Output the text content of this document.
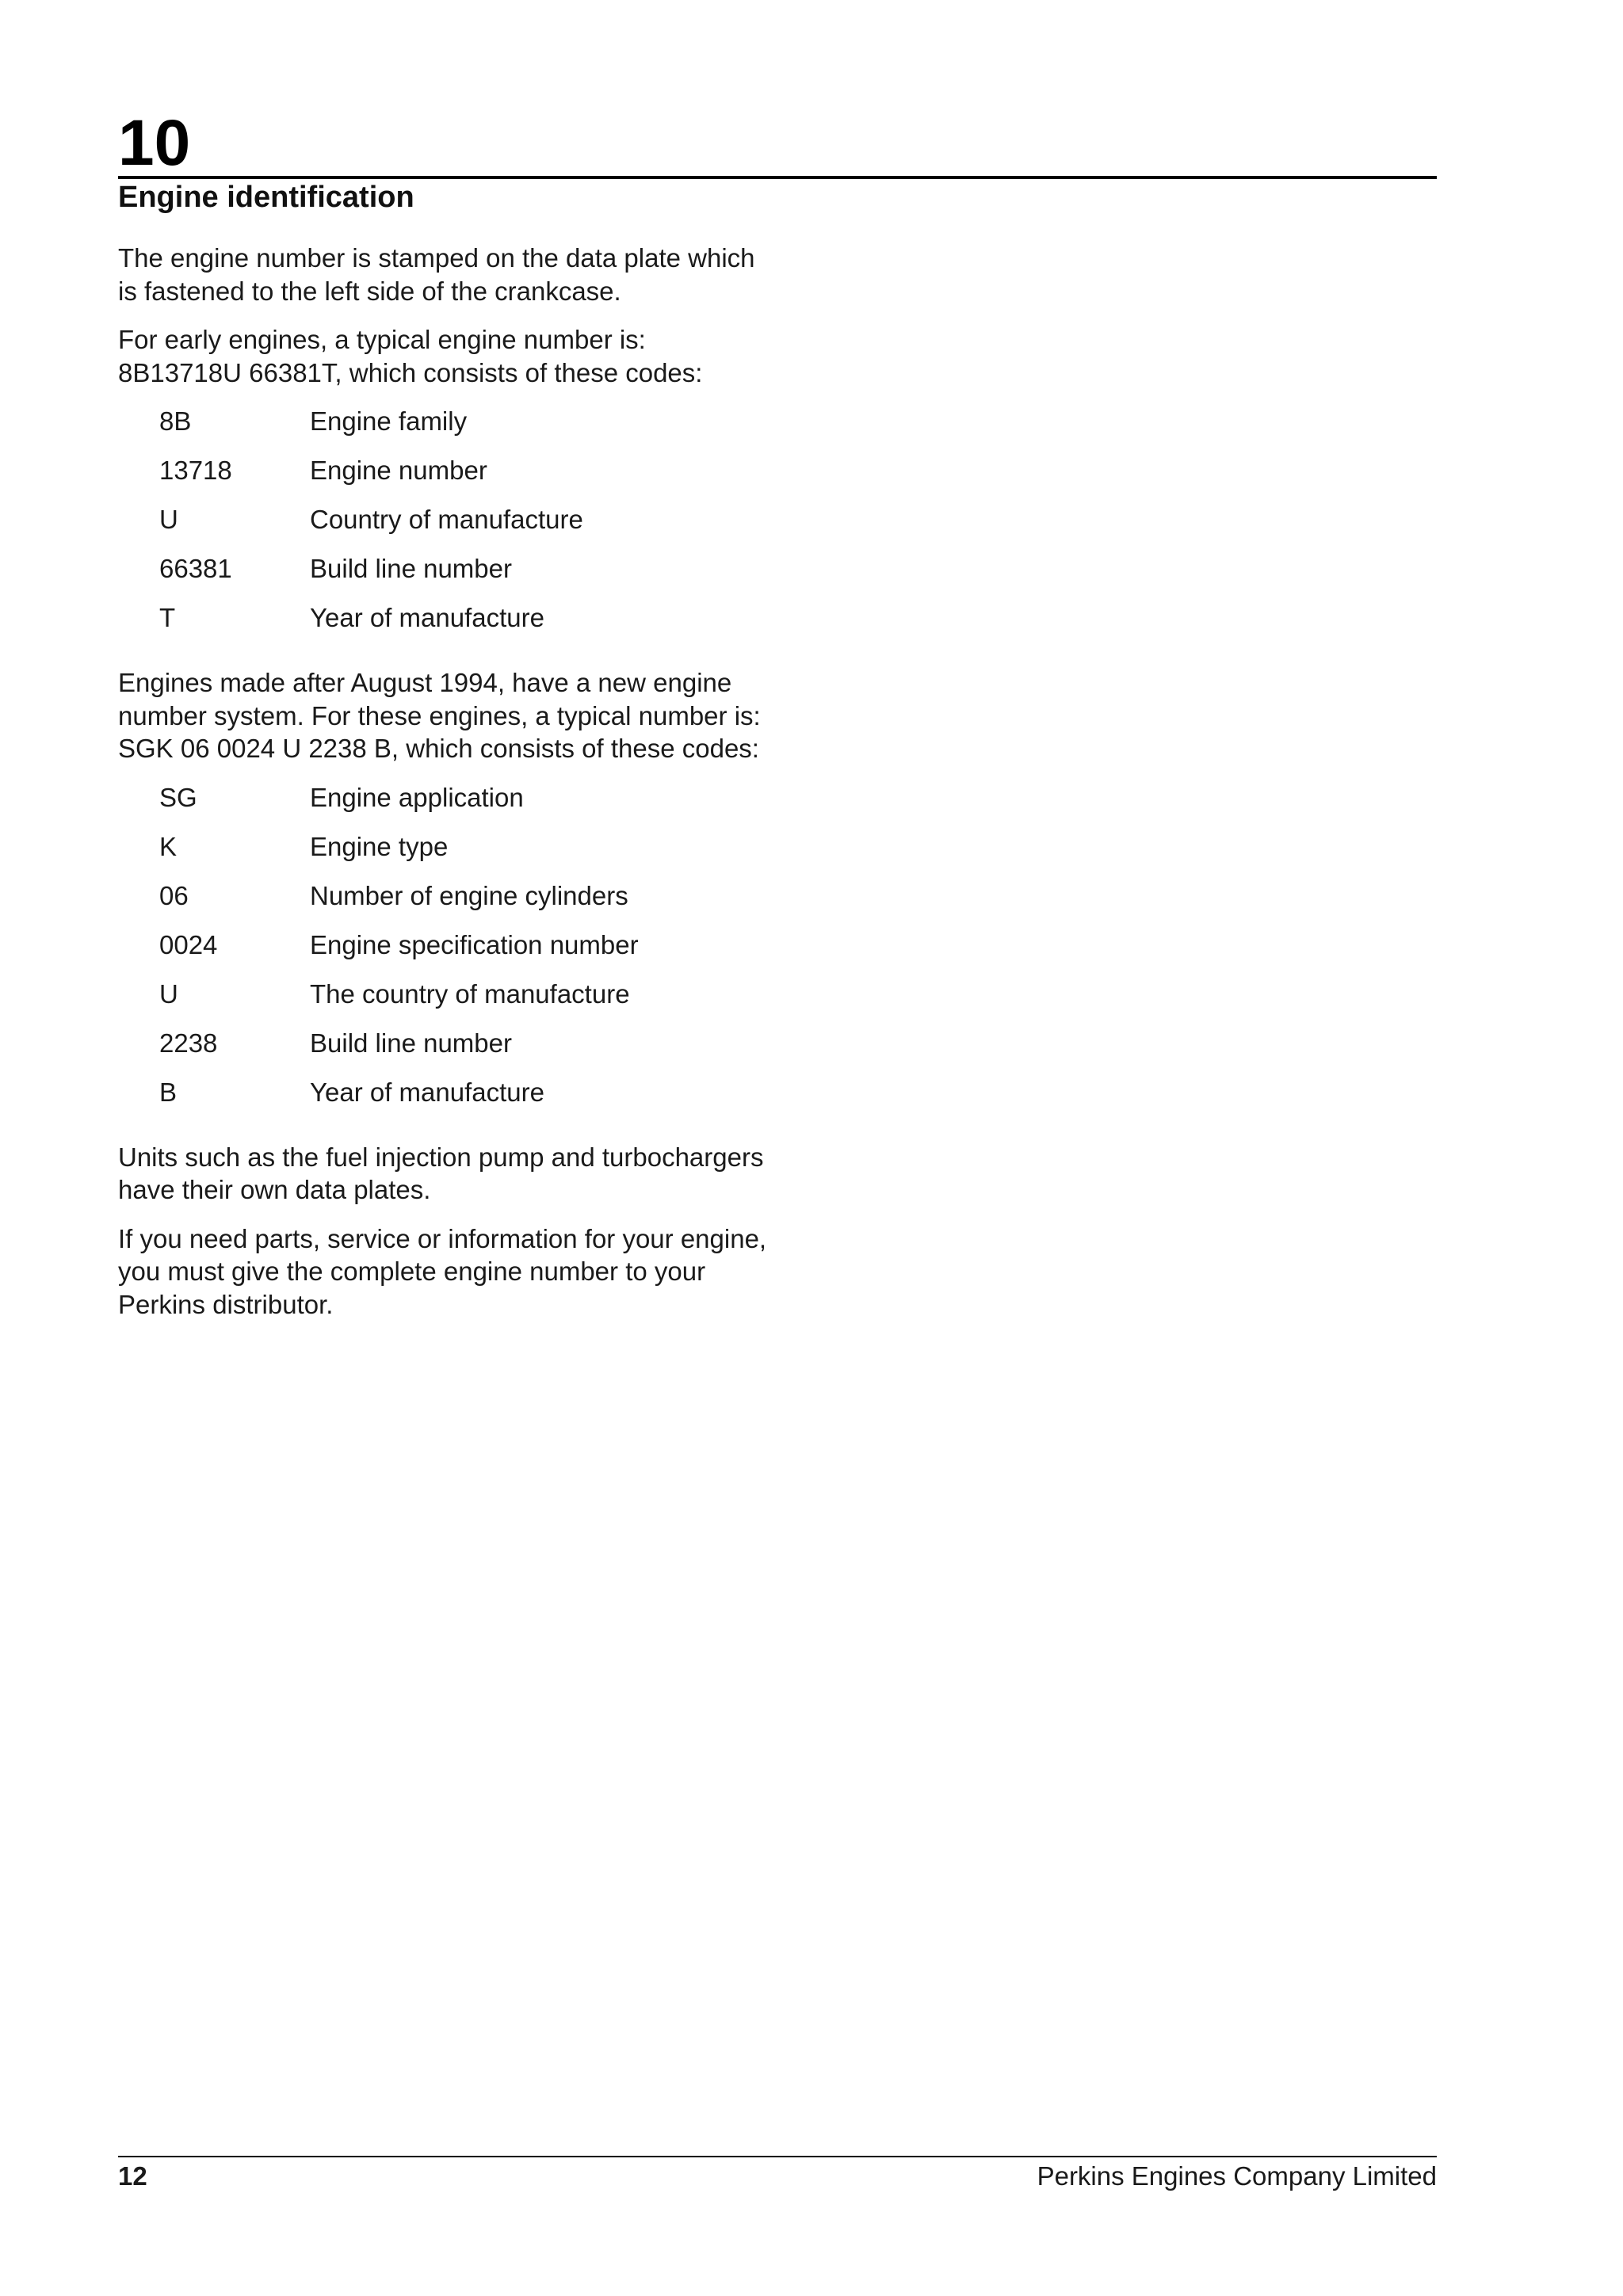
10
Engine identification

The engine number is stamped on the data plate which is fastened to the left side of the crankcase.

For early engines, a typical engine number is: 8B13718U 66381T, which consists of these codes:

8B	Engine family
13718	Engine number
U	Country of manufacture
66381	Build line number
T	Year of manufacture

Engines made after August 1994, have a new engine number system. For these engines, a typical number is: SGK 06 0024 U 2238 B, which consists of these codes:

SG	Engine application
K	Engine type
06	Number of engine cylinders
0024	Engine specification number
U	The country of manufacture
2238	Build line number
B	Year of manufacture

Units such as the fuel injection pump and turbochargers have their own data plates.

If you need parts, service or information for your engine, you must give the complete engine number to your Perkins distributor.

12	Perkins Engines Company Limited
